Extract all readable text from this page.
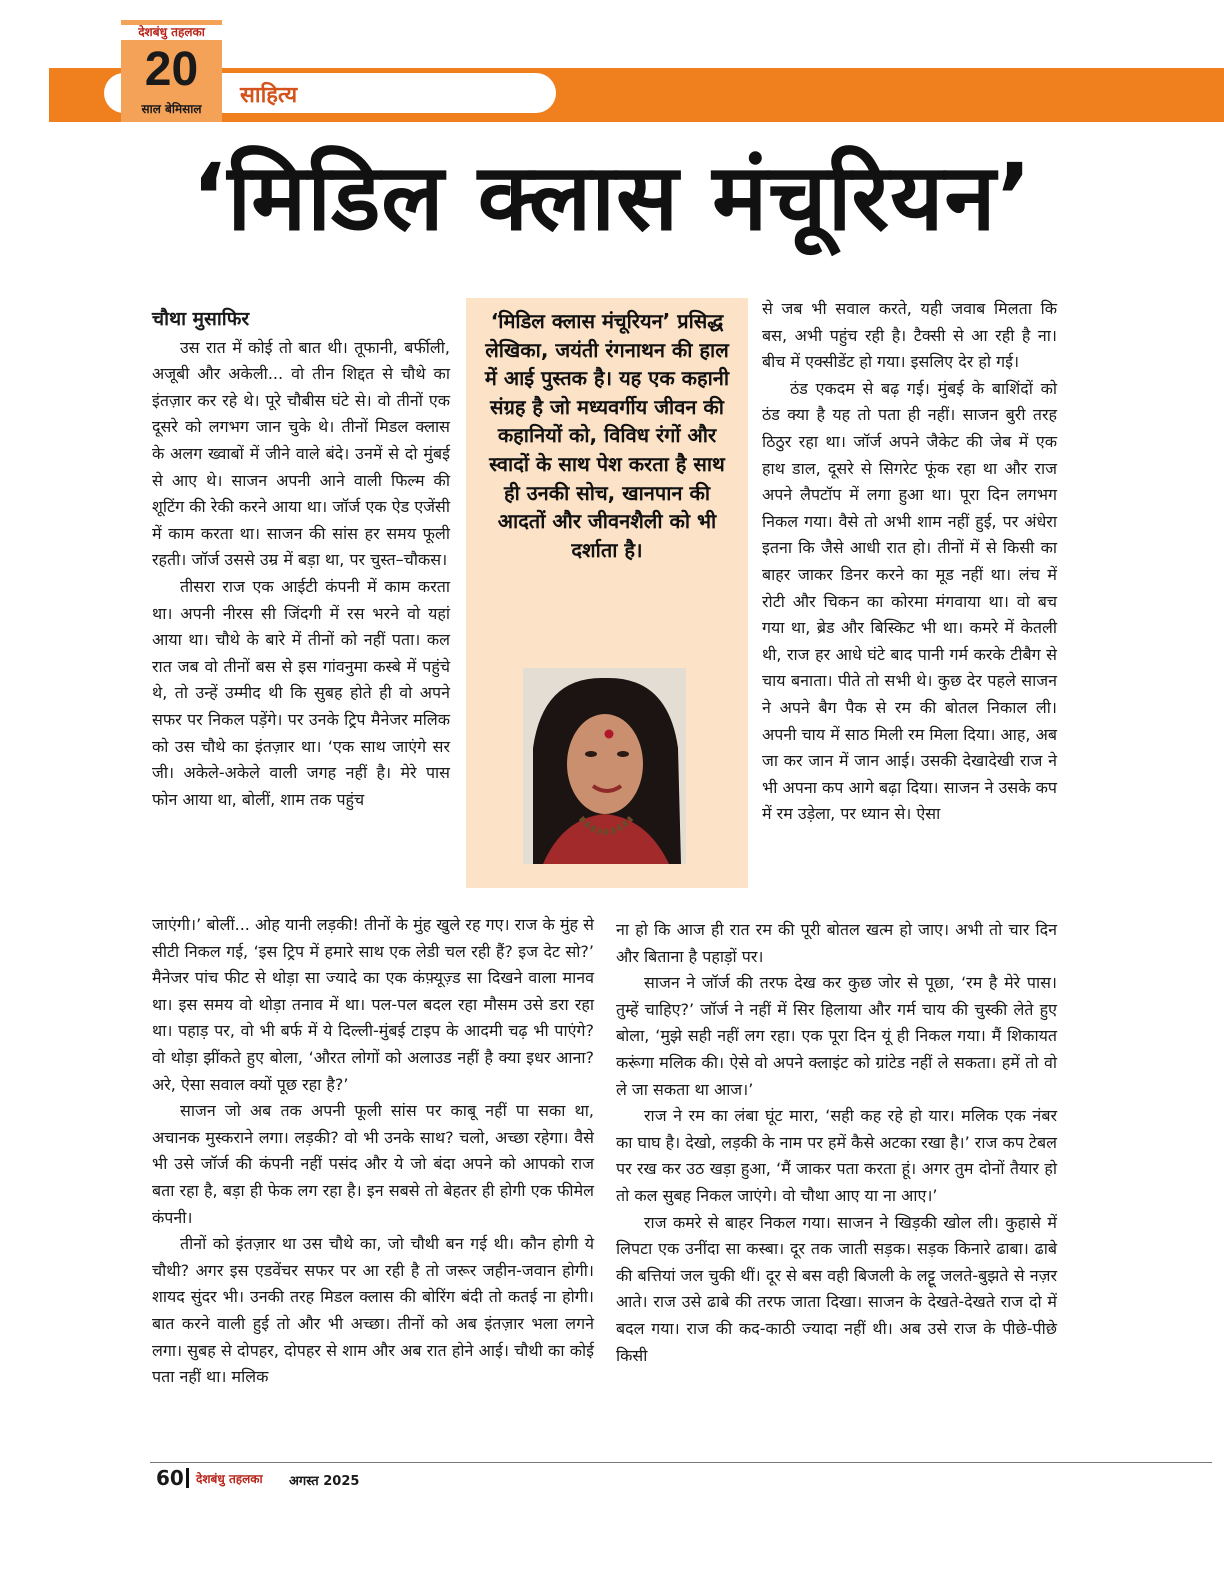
साहित्य
देशबंधु तहलका
20
साल बेमिसाल
‘मिडिल क्लास मंचूरियन’
चौथा मुसाफिर

उस रात में कोई तो बात थी। तूफानी, बर्फीली, अजूबी और अकेली... वो तीन शिद्दत से चौथे का इंतज़ार कर रहे थे। पूरे चौबीस घंटे से। वो तीनों एक दूसरे को लगभग जान चुके थे। तीनों मिडल क्लास के अलग ख्वाबों में जीने वाले बंदे। उनमें से दो मुंबई से आए थे। साजन अपनी आने वाली फिल्म की शूटिंग की रेकी करने आया था। जॉर्ज एक ऐड एजेंसी में काम करता था। साजन की सांस हर समय फूली रहती। जॉर्ज उससे उम्र में बड़ा था, पर चुस्त–चौकस।

तीसरा राज एक आईटी कंपनी में काम करता था। अपनी नीरस सी जिंदगी में रस भरने वो यहां आया था। चौथे के बारे में तीनों को नहीं पता। कल रात जब वो तीनों बस से इस गांवनुमा कस्बे में पहुंचे थे, तो उन्हें उम्मीद थी कि सुबह होते ही वो अपने सफर पर निकल पड़ेंगे। पर उनके ट्रिप मैनेजर मलिक को उस चौथे का इंतज़ार था। ‘एक साथ जाएंगे सर जी। अकेले-अकेले वाली जगह नहीं है। मेरे पास फोन आया था, बोलीं, शाम तक पहुंच

जाएंगी।’ बोलीं... ओह यानी लड़की! तीनों के मुंह खुले रह गए। राज के मुंह से सीटी निकल गई, ‘इस ट्रिप में हमारे साथ एक लेडी चल रही हैं? इज देट सो?’ मैनेजर पांच फीट से थोड़ा सा ज्यादे का एक कंफ़्यूज़्ड सा दिखने वाला मानव था। इस समय वो थोड़ा तनाव में था। पल-पल बदल रहा मौसम उसे डरा रहा था। पहाड़ पर, वो भी बर्फ में ये दिल्ली-मुंबई टाइप के आदमी चढ़ भी पाएंगे? वो थोड़ा झींकते हुए बोला, ‘औरत लोगों को अलाउड नहीं है क्या इधर आना? अरे, ऐसा सवाल क्यों पूछ रहा है?’

साजन जो अब तक अपनी फूली सांस पर काबू नहीं पा सका था, अचानक मुस्कराने लगा। लड़की? वो भी उनके साथ? चलो, अच्छा रहेगा। वैसे भी उसे जॉर्ज की कंपनी नहीं पसंद और ये जो बंदा अपने को आपको राज बता रहा है, बड़ा ही फेक लग रहा है। इन सबसे तो बेहतर ही होगी एक फीमेल कंपनी।

तीनों को इंतज़ार था उस चौथे का, जो चौथी बन गई थी। कौन होगी ये चौथी? अगर इस एडवेंचर सफर पर आ रही है तो जरूर जहीन-जवान होगी। शायद सुंदर भी। उनकी तरह मिडल क्लास की बोरिंग बंदी तो कतई ना होगी। बात करने वाली हुई तो और भी अच्छा। तीनों को अब इंतज़ार भला लगने लगा। सुबह से दोपहर, दोपहर से शाम और अब रात होने आई। चौथी का कोई पता नहीं था। मलिक

‘मिडिल क्लास मंचूरियन’ प्रसिद्ध लेखिका, जयंती रंगनाथन की हाल में आई पुस्तक है। यह एक कहानी संग्रह है जो मध्यवर्गीय जीवन की कहानियों को, विविध रंगों और स्वादों के साथ पेश करता है साथ ही उनकी सोच, खानपान की आदतों और जीवनशैली को भी दर्शाता है।

से जब भी सवाल करते, यही जवाब मिलता कि बस, अभी पहुंच रही है। टैक्सी से आ रही है ना। बीच में एक्सीडेंट हो गया। इसलिए देर हो गई।

ठंड एकदम से बढ़ गई। मुंबई के बाशिंदों को ठंड क्या है यह तो पता ही नहीं। साजन बुरी तरह ठिठुर रहा था। जॉर्ज अपने जैकेट की जेब में एक हाथ डाल, दूसरे से सिगरेट फूंक रहा था और राज अपने लैपटॉप में लगा हुआ था। पूरा दिन लगभग निकल गया। वैसे तो अभी शाम नहीं हुई, पर अंधेरा इतना कि जैसे आधी रात हो। तीनों में से किसी का बाहर जाकर डिनर करने का मूड नहीं था। लंच में रोटी और चिकन का कोरमा मंगवाया था। वो बच गया था, ब्रेड और बिस्किट भी था। कमरे में केतली थी, राज हर आधे घंटे बाद पानी गर्म करके टीबैग से चाय बनाता। पीते तो सभी थे। कुछ देर पहले साजन ने अपने बैग पैक से रम की बोतल निकाल ली। अपनी चाय में साठ मिली रम मिला दिया। आह, अब जा कर जान में जान आई। उसकी देखादेखी राज ने भी अपना कप आगे बढ़ा दिया। साजन ने उसके कप में रम उड़ेला, पर ध्यान से। ऐसा

ना हो कि आज ही रात रम की पूरी बोतल खत्म हो जाए। अभी तो चार दिन और बिताना है पहाड़ों पर।

साजन ने जॉर्ज की तरफ देख कर कुछ जोर से पूछा, ‘रम है मेरे पास। तुम्हें चाहिए?’ जॉर्ज ने नहीं में सिर हिलाया और गर्म चाय की चुस्की लेते हुए बोला, ‘मुझे सही नहीं लग रहा। एक पूरा दिन यूं ही निकल गया। मैं शिकायत करूंगा मलिक की। ऐसे वो अपने क्लाइंट को ग्रांटेड नहीं ले सकता। हमें तो वो ले जा सकता था आज।’

राज ने रम का लंबा घूंट मारा, ‘सही कह रहे हो यार। मलिक एक नंबर का घाघ है। देखो, लड़की के नाम पर हमें कैसे अटका रखा है।’ राज कप टेबल पर रख कर उठ खड़ा हुआ, ‘मैं जाकर पता करता हूं। अगर तुम दोनों तैयार हो तो कल सुबह निकल जाएंगे। वो चौथा आए या ना आए।’

राज कमरे से बाहर निकल गया। साजन ने खिड़की खोल ली। कुहासे में लिपटा एक उनींदा सा कस्बा। दूर तक जाती सड़क। सड़क किनारे ढाबा। ढाबे की बत्तियां जल चुकी थीं। दूर से बस वही बिजली के लट्टू जलते-बुझते से नज़र आते। राज उसे ढाबे की तरफ जाता दिखा। साजन के देखते-देखते राज दो में बदल गया। राज की कद-काठी ज्यादा नहीं थी। अब उसे राज के पीछे-पीछे किसी

60 देशबंधु तहलका अगस्त 2025
